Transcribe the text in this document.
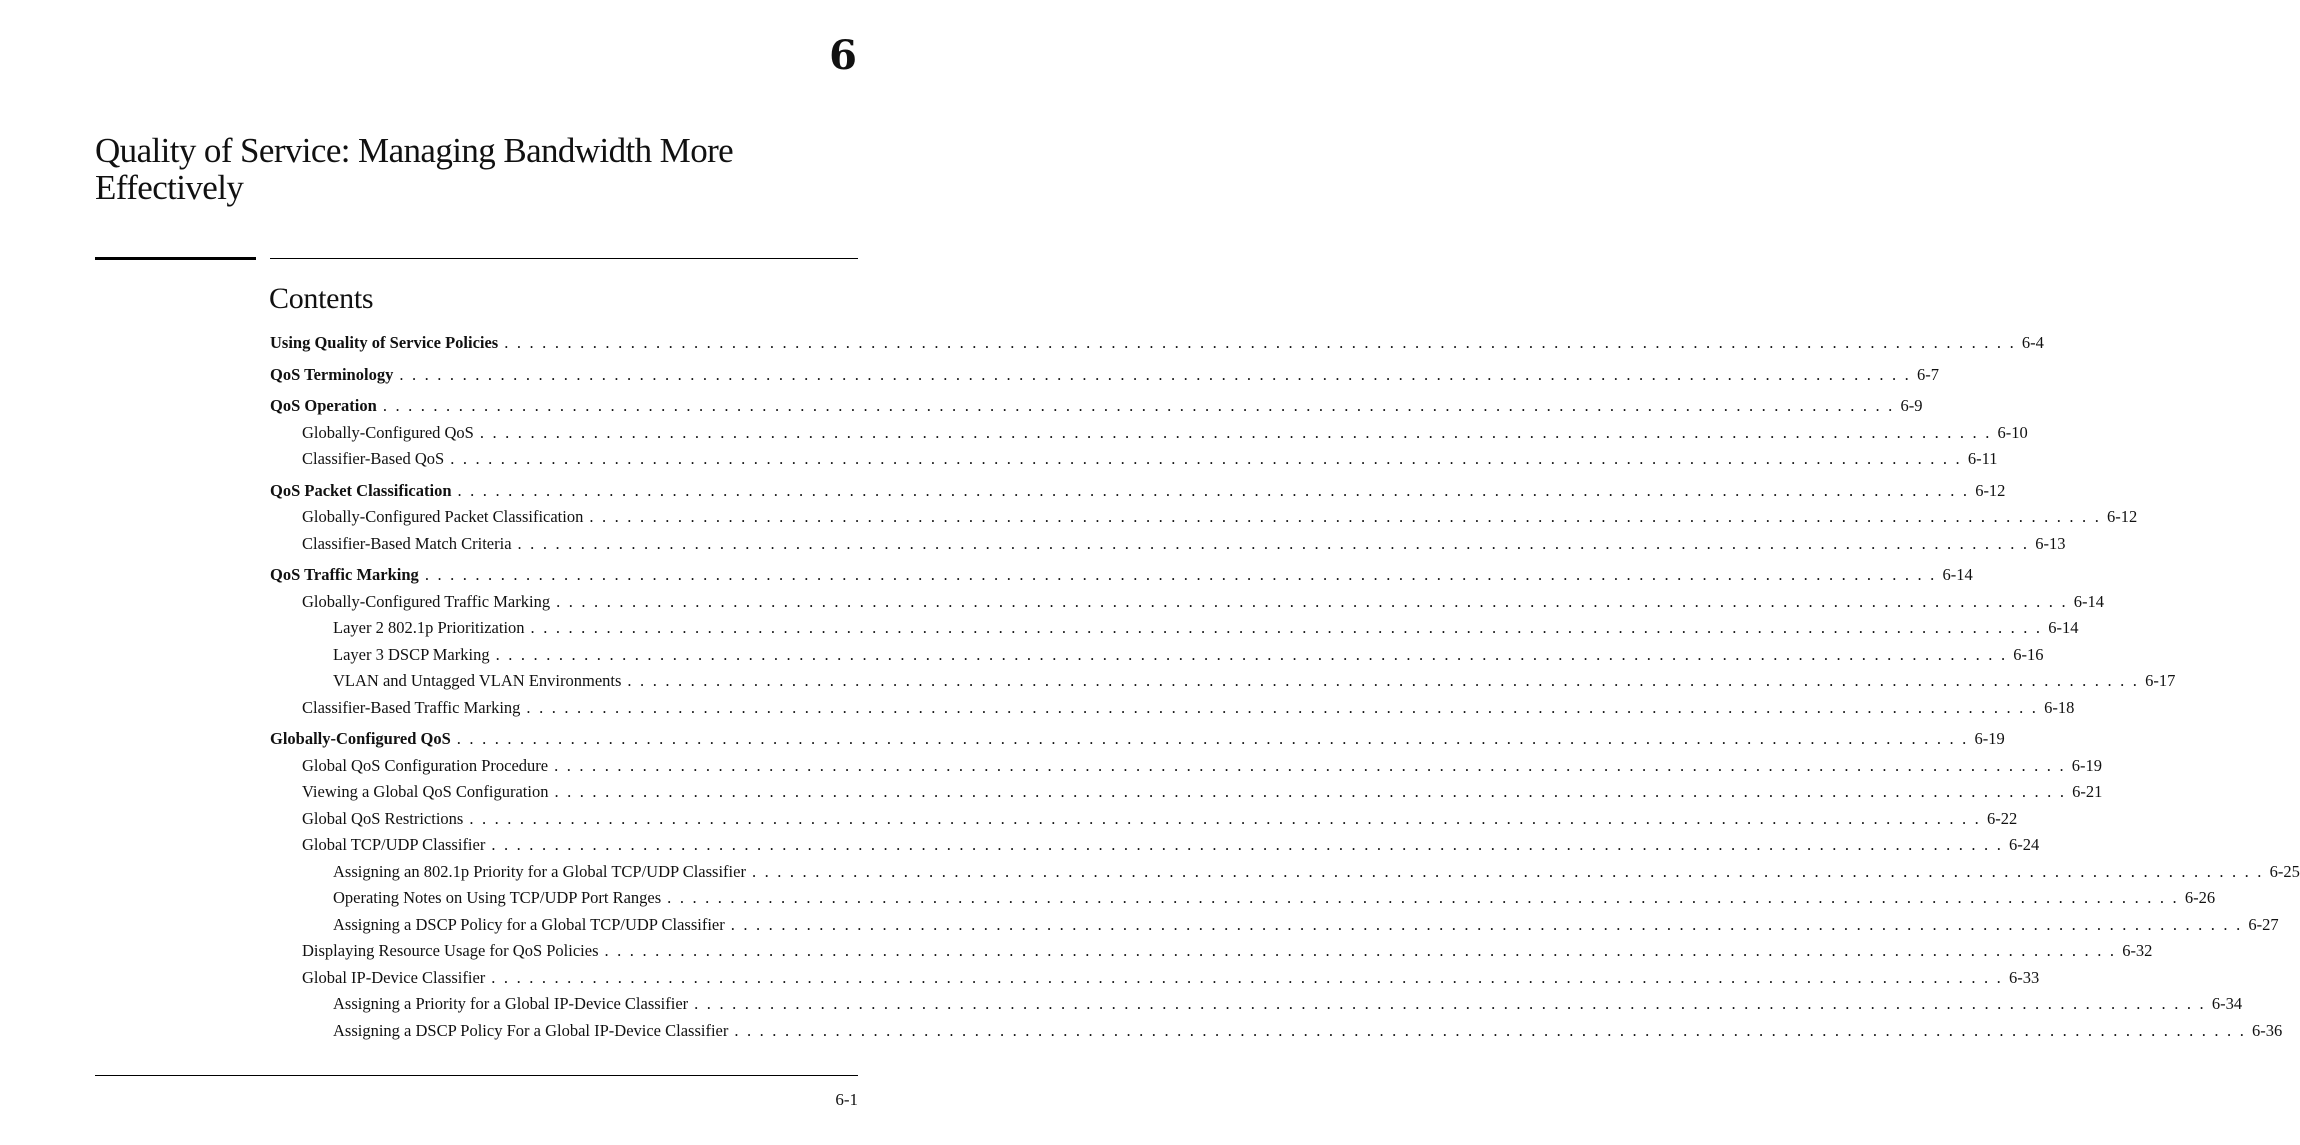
6
Quality of Service: Managing Bandwidth More Effectively
Contents
Using Quality of Service Policies . . . . . . . . . . . . . . . . . . . . . . . . . . . . . . . . . . . . . . . . . . . . . . . . . . . . . . . . . . . . . . . . . . . . . . . . . . . . . . . . . . . . . . . . . . . . . . . . . . . . . . . . . . . . . . . . . . . . . . . . 6-4
QoS Terminology . . . . . . . . . . . . . . . . . . . . . . . . . . . . . . . . . . . . . . . . . . . . . . . . . . . . . . . . . . . . . . . . . . . . . . . . . . . . . . . . . . . . . . . . . . . . . . . . . . . . . . . . . . . . . . . . . . . . . . . . 6-7
QoS Operation . . . . . . . . . . . . . . . . . . . . . . . . . . . . . . . . . . . . . . . . . . . . . . . . . . . . . . . . . . . . . . . . . . . . . . . . . . . . . . . . . . . . . . . . . . . . . . . . . . . . . . . . . . . . . . . . . . . . . . . . 6-9
Globally-Configured QoS . . . . . . . . . . . . . . . . . . . . . . . . . . . . . . . . . . . . . . . . . . . . . . . . . . . . . . . . . . . . . . . . . . . . . . . . . . . . . . . . . . . . . . . . . . . . . . . . . . . . . . . . . . . . . . . . . . . . . . . . 6-10
Classifier-Based QoS . . . . . . . . . . . . . . . . . . . . . . . . . . . . . . . . . . . . . . . . . . . . . . . . . . . . . . . . . . . . . . . . . . . . . . . . . . . . . . . . . . . . . . . . . . . . . . . . . . . . . . . . . . . . . . . . . . . . . . . . 6-11
QoS Packet Classification . . . . . . . . . . . . . . . . . . . . . . . . . . . . . . . . . . . . . . . . . . . . . . . . . . . . . . . . . . . . . . . . . . . . . . . . . . . . . . . . . . . . . . . . . . . . . . . . . . . . . . . . . . . . . . . . . . . . . . . . 6-12
Globally-Configured Packet Classification . . . . . . . . . . . . . . . . . . . . . . . . . . . . . . . . . . . . . . . . . . . . . . . . . . . . . . . . . . . . . . . . . . . . . . . . . . . . . . . . . . . . . . . . . . . . . . . . . . . . . . . . . . . . . . . . . . . . . . . . 6-12
Classifier-Based Match Criteria . . . . . . . . . . . . . . . . . . . . . . . . . . . . . . . . . . . . . . . . . . . . . . . . . . . . . . . . . . . . . . . . . . . . . . . . . . . . . . . . . . . . . . . . . . . . . . . . . . . . . . . . . . . . . . . . . . . . . . . . 6-13
QoS Traffic Marking . . . . . . . . . . . . . . . . . . . . . . . . . . . . . . . . . . . . . . . . . . . . . . . . . . . . . . . . . . . . . . . . . . . . . . . . . . . . . . . . . . . . . . . . . . . . . . . . . . . . . . . . . . . . . . . . . . . . . . . . 6-14
Globally-Configured Traffic Marking . . . . . . . . . . . . . . . . . . . . . . . . . . . . . . . . . . . . . . . . . . . . . . . . . . . . . . . . . . . . . . . . . . . . . . . . . . . . . . . . . . . . . . . . . . . . . . . . . . . . . . . . . . . . . . . . . . . . . . . . 6-14
Layer 2 802.1p Prioritization . . . . . . . . . . . . . . . . . . . . . . . . . . . . . . . . . . . . . . . . . . . . . . . . . . . . . . . . . . . . . . . . . . . . . . . . . . . . . . . . . . . . . . . . . . . . . . . . . . . . . . . . . . . . . . . . . . . . . . . . 6-14
Layer 3 DSCP Marking . . . . . . . . . . . . . . . . . . . . . . . . . . . . . . . . . . . . . . . . . . . . . . . . . . . . . . . . . . . . . . . . . . . . . . . . . . . . . . . . . . . . . . . . . . . . . . . . . . . . . . . . . . . . . . . . . . . . . . . . 6-16
VLAN and Untagged VLAN Environments . . . . . . . . . . . . . . . . . . . . . . . . . . . . . . . . . . . . . . . . . . . . . . . . . . . . . . . . . . . . . . . . . . . . . . . . . . . . . . . . . . . . . . . . . . . . . . . . . . . . . . . . . . . . . . . . . . . . . . . . 6-17
Classifier-Based Traffic Marking . . . . . . . . . . . . . . . . . . . . . . . . . . . . . . . . . . . . . . . . . . . . . . . . . . . . . . . . . . . . . . . . . . . . . . . . . . . . . . . . . . . . . . . . . . . . . . . . . . . . . . . . . . . . . . . . . . . . . . . . 6-18
Globally-Configured QoS . . . . . . . . . . . . . . . . . . . . . . . . . . . . . . . . . . . . . . . . . . . . . . . . . . . . . . . . . . . . . . . . . . . . . . . . . . . . . . . . . . . . . . . . . . . . . . . . . . . . . . . . . . . . . . . . . . . . . . . . 6-19
Global QoS Configuration Procedure . . . . . . . . . . . . . . . . . . . . . . . . . . . . . . . . . . . . . . . . . . . . . . . . . . . . . . . . . . . . . . . . . . . . . . . . . . . . . . . . . . . . . . . . . . . . . . . . . . . . . . . . . . . . . . . . . . . . . . . . 6-19
Viewing a Global QoS Configuration . . . . . . . . . . . . . . . . . . . . . . . . . . . . . . . . . . . . . . . . . . . . . . . . . . . . . . . . . . . . . . . . . . . . . . . . . . . . . . . . . . . . . . . . . . . . . . . . . . . . . . . . . . . . . . . . . . . . . . . . 6-21
Global QoS Restrictions . . . . . . . . . . . . . . . . . . . . . . . . . . . . . . . . . . . . . . . . . . . . . . . . . . . . . . . . . . . . . . . . . . . . . . . . . . . . . . . . . . . . . . . . . . . . . . . . . . . . . . . . . . . . . . . . . . . . . . . . 6-22
Global TCP/UDP Classifier . . . . . . . . . . . . . . . . . . . . . . . . . . . . . . . . . . . . . . . . . . . . . . . . . . . . . . . . . . . . . . . . . . . . . . . . . . . . . . . . . . . . . . . . . . . . . . . . . . . . . . . . . . . . . . . . . . . . . . . . 6-24
Assigning an 802.1p Priority for a Global TCP/UDP Classifier . . . . . . . . . . . . . . . . . . . . . . . . . . . . . . . . . . . . . . . . . . . . . . . . . . . . . . . . . . . . . . . . . . . . . . . . . . . . . . . . . . . . . . . . . . . . . . . . . . . . . . . . . . . . . . . . . . . . . . . . 6-25
Operating Notes on Using TCP/UDP Port Ranges . . . . . . . . . . . . . . . . . . . . . . . . . . . . . . . . . . . . . . . . . . . . . . . . . . . . . . . . . . . . . . . . . . . . . . . . . . . . . . . . . . . . . . . . . . . . . . . . . . . . . . . . . . . . . . . . . . . . . . . . 6-26
Assigning a DSCP Policy for a Global TCP/UDP Classifier . . . . . . . . . . . . . . . . . . . . . . . . . . . . . . . . . . . . . . . . . . . . . . . . . . . . . . . . . . . . . . . . . . . . . . . . . . . . . . . . . . . . . . . . . . . . . . . . . . . . . . . . . . . . . . . . . . . . . . . . 6-27
Displaying Resource Usage for QoS Policies . . . . . . . . . . . . . . . . . . . . . . . . . . . . . . . . . . . . . . . . . . . . . . . . . . . . . . . . . . . . . . . . . . . . . . . . . . . . . . . . . . . . . . . . . . . . . . . . . . . . . . . . . . . . . . . . . . . . . . . . 6-32
Global IP-Device Classifier . . . . . . . . . . . . . . . . . . . . . . . . . . . . . . . . . . . . . . . . . . . . . . . . . . . . . . . . . . . . . . . . . . . . . . . . . . . . . . . . . . . . . . . . . . . . . . . . . . . . . . . . . . . . . . . . . . . . . . . . 6-33
Assigning a Priority for a Global IP-Device Classifier . . . . . . . . . . . . . . . . . . . . . . . . . . . . . . . . . . . . . . . . . . . . . . . . . . . . . . . . . . . . . . . . . . . . . . . . . . . . . . . . . . . . . . . . . . . . . . . . . . . . . . . . . . . . . . . . . . . . . . . . 6-34
Assigning a DSCP Policy For a Global IP-Device Classifier . . . . . . . . . . . . . . . . . . . . . . . . . . . . . . . . . . . . . . . . . . . . . . . . . . . . . . . . . . . . . . . . . . . . . . . . . . . . . . . . . . . . . . . . . . . . . . . . . . . . . . . . . . . . . . . . . . . . . . . . 6-36
6-1
